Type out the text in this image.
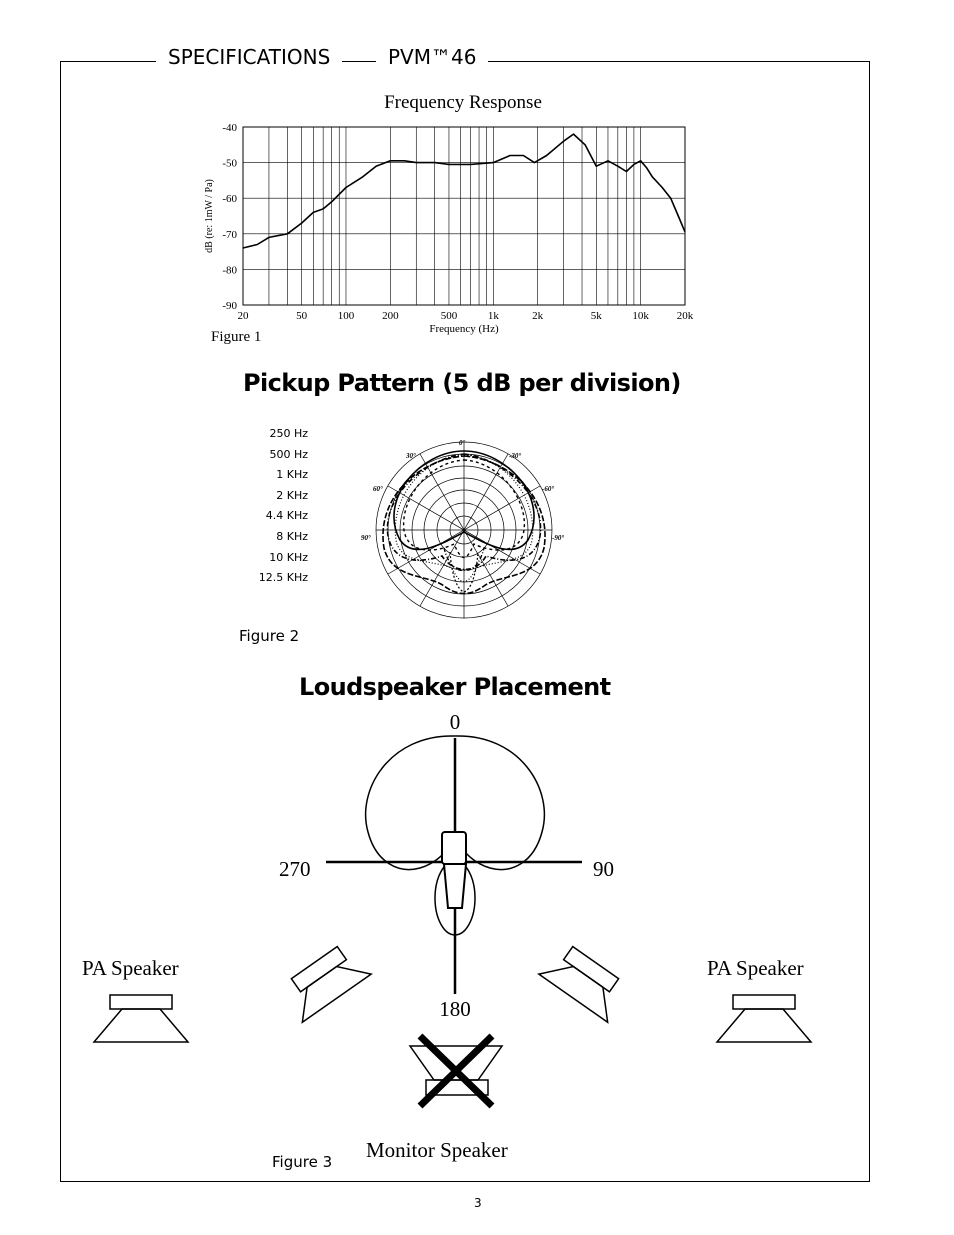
SPECIFICATIONS	PVM™46
Frequency Response
-40
-50
-60
-70
-80
-90
20	50	100	200	500	1k	2k	5k	10k	20k
Frequency (Hz)
dB (re: 1mW / Pa)
Figure 1
Pickup Pattern (5 dB per division)
250 Hz
500 Hz
1 KHz
2 KHz
4.4 KHz
8 KHz
10 KHz
12.5 KHz
0°
30°	-30°
60°	-60°
90°	-90°
Figure 2
Loudspeaker Placement
0
270	90
180
PA Speaker	PA Speaker
Monitor Speaker
Figure 3
3
